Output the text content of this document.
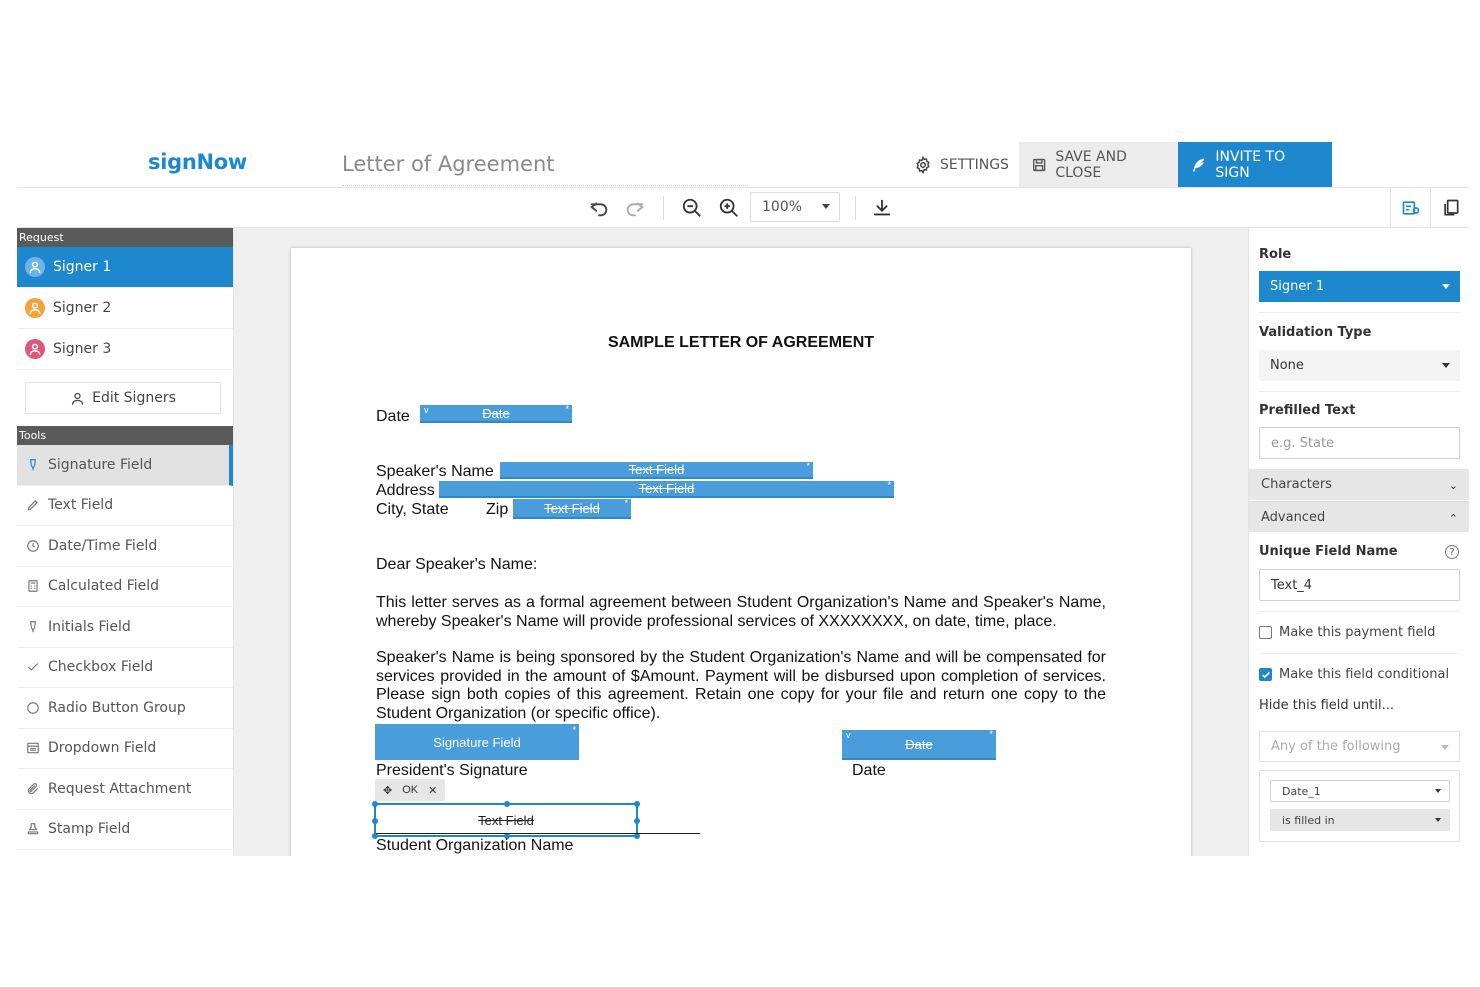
signNow	Letter of Agreement	SETTINGS	SAVE AND CLOSE
INVITE TO SIGN
100%
Request
Signer 1
Signer 2
Signer 3
Edit Signers
Tools
Signature Field
Text Field
Date/Time Field
Calculated Field
Initials Field
Checkbox Field
Radio Button Group
Dropdown Field
Request Attachment
Stamp Field
SAMPLE LETTER OF AGREEMENT
Date v	Date	*
Speaker's Name	Text Field	*
Address	Text Field	*
City, State Zip	Text Field	*
Dear Speaker's Name:
This letter serves as a formal agreement between Student Organization's Name and Speaker's Name, whereby Speaker's Name will provide professional services of XXXXXXXX, on date, time, place.
Speaker's Name is being sponsored by the Student Organization's Name and will be compensated for services provided in the amount of $Amount. Payment will be disbursed upon completion of services. Please sign both copies of this agreement. Retain one copy for your file and return one copy to the Student Organization (or specific office).
Signature Field
*
President's Signature
v
Date
*
Date
✥ OK ✕
Text Field
Student Organization Name
Role
Signer 1
Validation Type
None
Prefilled Text
e.g. State
Characters	⌄
Advanced	⌃
Unique Field Name	?
Text_4
Make this payment field
Make this field conditional
Hide this field until...
Any of the following
Date_1
is filled in
